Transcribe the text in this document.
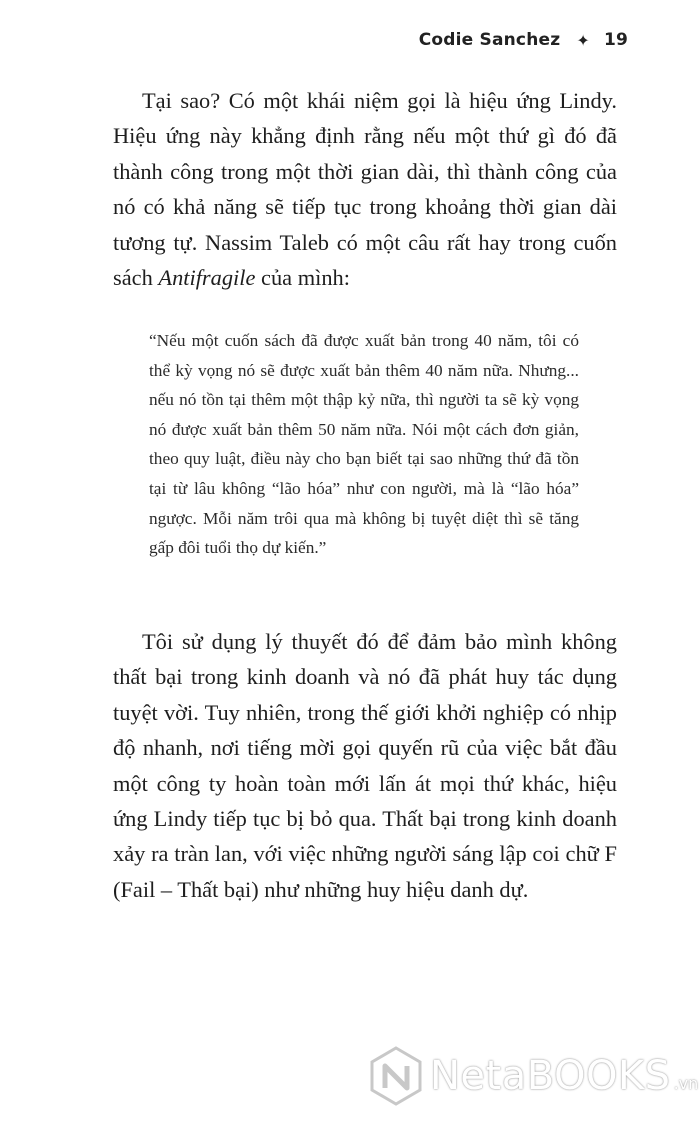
Codie Sanchez ✦ 19

Tại sao? Có một khái niệm gọi là hiệu ứng Lindy. Hiệu ứng này khẳng định rằng nếu một thứ gì đó đã thành công trong một thời gian dài, thì thành công của nó có khả năng sẽ tiếp tục trong khoảng thời gian dài tương tự. Nassim Taleb có một câu rất hay trong cuốn sách Antifragile của mình:

“Nếu một cuốn sách đã được xuất bản trong 40 năm, tôi có thể kỳ vọng nó sẽ được xuất bản thêm 40 năm nữa. Nhưng... nếu nó tồn tại thêm một thập kỷ nữa, thì người ta sẽ kỳ vọng nó được xuất bản thêm 50 năm nữa. Nói một cách đơn giản, theo quy luật, điều này cho bạn biết tại sao những thứ đã tồn tại từ lâu không “lão hóa” như con người, mà là “lão hóa” ngược. Mỗi năm trôi qua mà không bị tuyệt diệt thì sẽ tăng gấp đôi tuổi thọ dự kiến.”

Tôi sử dụng lý thuyết đó để đảm bảo mình không thất bại trong kinh doanh và nó đã phát huy tác dụng tuyệt vời. Tuy nhiên, trong thế giới khởi nghiệp có nhịp độ nhanh, nơi tiếng mời gọi quyến rũ của việc bắt đầu một công ty hoàn toàn mới lấn át mọi thứ khác, hiệu ứng Lindy tiếp tục bị bỏ qua. Thất bại trong kinh doanh xảy ra tràn lan, với việc những người sáng lập coi chữ F (Fail – Thất bại) như những huy hiệu danh dự.

NetaBOOKS .vn
